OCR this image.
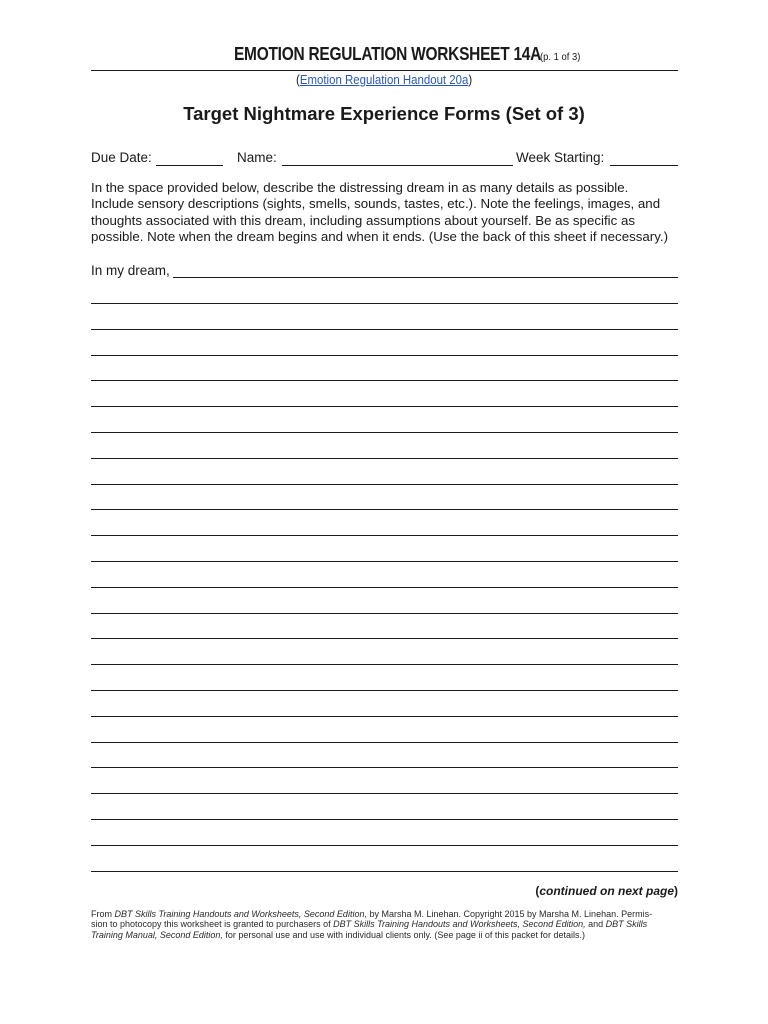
EMOTION REGULATION WORKSHEET 14A (p. 1 of 3)
(Emotion Regulation Handout 20a)
Target Nightmare Experience Forms (Set of 3)
Due Date:	Name:	Week Starting:
In the space provided below, describe the distressing dream in as many details as possible.
Include sensory descriptions (sights, smells, sounds, tastes, etc.). Note the feelings, images, and
thoughts associated with this dream, including assumptions about yourself. Be as specific as
possible. Note when the dream begins and when it ends. (Use the back of this sheet if necessary.)
In my dream,
(continued on next page)
From DBT Skills Training Handouts and Worksheets, Second Edition, by Marsha M. Linehan. Copyright 2015 by Marsha M. Linehan. Permis-
sion to photocopy this worksheet is granted to purchasers of DBT Skills Training Handouts and Worksheets, Second Edition, and DBT Skills
Training Manual, Second Edition, for personal use and use with individual clients only. (See page ii of this packet for details.)
